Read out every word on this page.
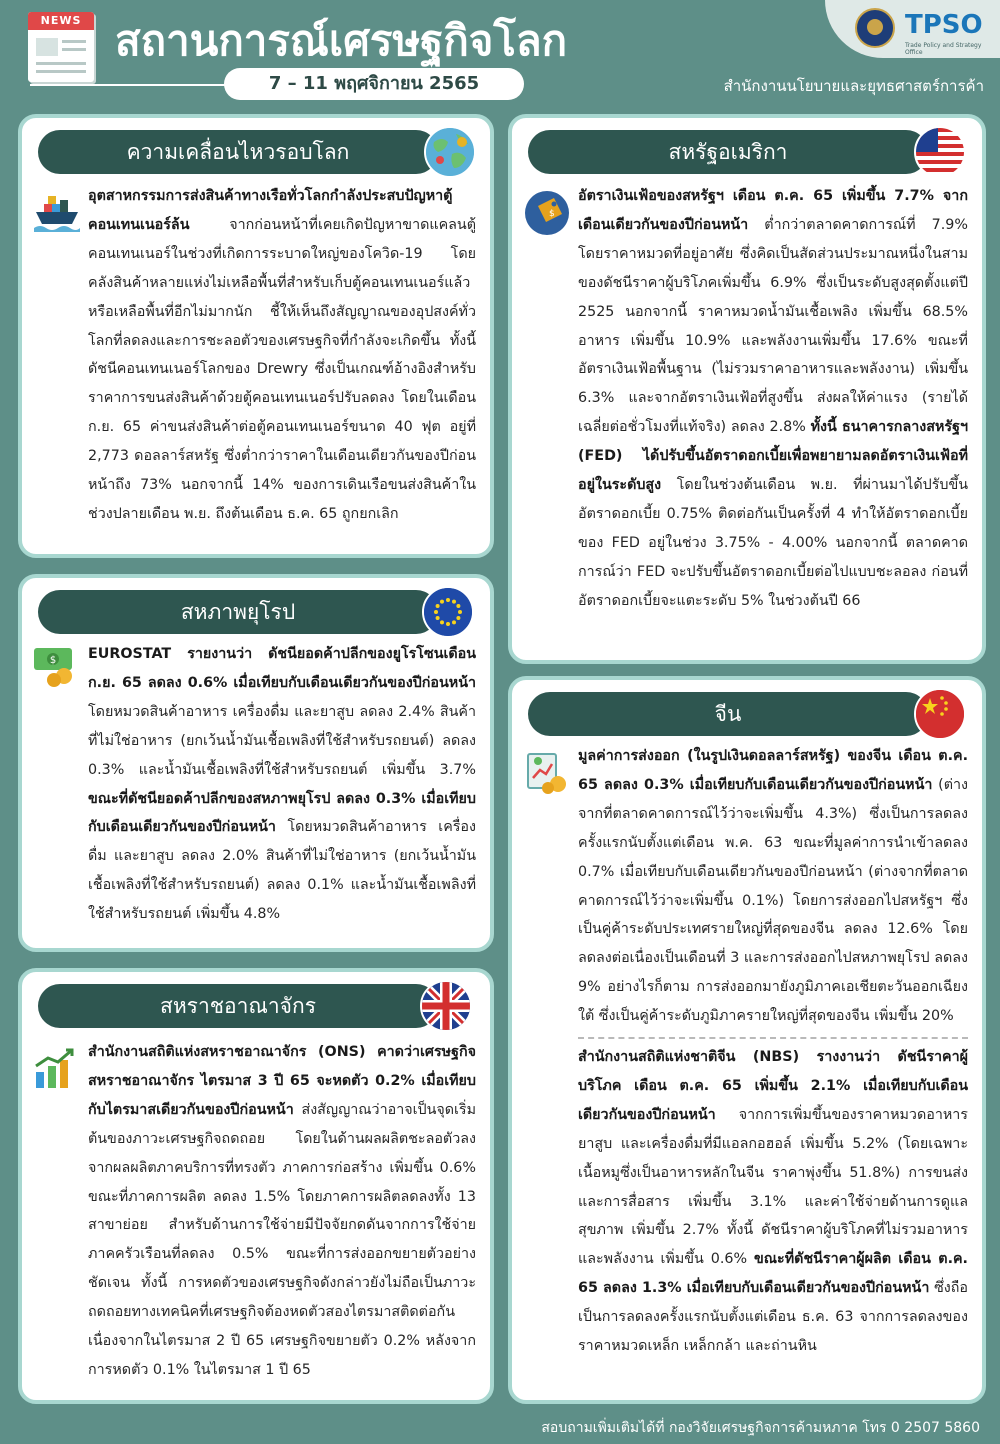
NEWS สถานการณ์เศรษฐกิจโลก
7 – 11 พฤศจิกายน 2565	สำนักงานนโยบายและยุทธศาสตร์การค้า
TPSO
Trade Policy and Strategy Office
ความเคลื่อนไหวรอบโลก

อุตสาหกรรมการส่งสินค้าทางเรือทั่วโลกกำลังประสบปัญหาตู้คอนเทนเนอร์ล้น จากก่อนหน้าที่เคยเกิดปัญหาขาดแคลนตู้คอนเทนเนอร์ในช่วงที่เกิดการระบาดใหญ่ของโควิด-19 โดยคลังสินค้าหลายแห่งไม่เหลือพื้นที่สำหรับเก็บตู้คอนเทนเนอร์แล้วหรือเหลือพื้นที่อีกไม่มากนัก ชี้ให้เห็นถึงสัญญาณของอุปสงค์ทั่วโลกที่ลดลงและการชะลอตัวของเศรษฐกิจที่กำลังจะเกิดขึ้น ทั้งนี้ ดัชนีคอนเทนเนอร์โลกของ Drewry ซึ่งเป็นเกณฑ์อ้างอิงสำหรับราคาการขนส่งสินค้าด้วยตู้คอนเทนเนอร์ปรับลดลง โดยในเดือน ก.ย. 65 ค่าขนส่งสินค้าต่อตู้คอนเทนเนอร์ขนาด 40 ฟุต อยู่ที่ 2,773 ดอลลาร์สหรัฐ ซึ่งต่ำกว่าราคาในเดือนเดียวกันของปีก่อนหน้าถึง 73% นอกจากนี้ 14% ของการเดินเรือขนส่งสินค้าในช่วงปลายเดือน พ.ย. ถึงต้นเดือน ธ.ค. 65 ถูกยกเลิก

สหภาพยุโรป
$ EUROSTAT รายงานว่า ดัชนียอดค้าปลีกของยูโรโซนเดือน ก.ย. 65 ลดลง 0.6% เมื่อเทียบกับเดือนเดียวกันของปีก่อนหน้า โดยหมวดสินค้าอาหาร เครื่องดื่ม และยาสูบ ลดลง 2.4% สินค้าที่ไม่ใช่อาหาร (ยกเว้นน้ำมันเชื้อเพลิงที่ใช้สำหรับรถยนต์) ลดลง 0.3% และน้ำมันเชื้อเพลิงที่ใช้สำหรับรถยนต์ เพิ่มขึ้น 3.7% ขณะที่ดัชนียอดค้าปลีกของสหภาพยุโรป ลดลง 0.3% เมื่อเทียบกับเดือนเดียวกันของปีก่อนหน้า โดยหมวดสินค้าอาหาร เครื่องดื่ม และยาสูบ ลดลง 2.0% สินค้าที่ไม่ใช่อาหาร (ยกเว้นน้ำมันเชื้อเพลิงที่ใช้สำหรับรถยนต์) ลดลง 0.1% และน้ำมันเชื้อเพลิงที่ใช้สำหรับรถยนต์ เพิ่มขึ้น 4.8%

สหราชอาณาจักร

สำนักงานสถิติแห่งสหราชอาณาจักร (ONS) คาดว่าเศรษฐกิจสหราชอาณาจักร ไตรมาส 3 ปี 65 จะหดตัว 0.2% เมื่อเทียบกับไตรมาสเดียวกันของปีก่อนหน้า ส่งสัญญาณว่าอาจเป็นจุดเริ่มต้นของภาวะเศรษฐกิจถดถอย โดยในด้านผลผลิตชะลอตัวลง จากผลผลิตภาคบริการที่ทรงตัว ภาคการก่อสร้าง เพิ่มขึ้น 0.6% ขณะที่ภาคการผลิต ลดลง 1.5% โดยภาคการผลิตลดลงทั้ง 13 สาขาย่อย สำหรับด้านการใช้จ่ายมีปัจจัยกดดันจากการใช้จ่ายภาคครัวเรือนที่ลดลง 0.5% ขณะที่การส่งออกขยายตัวอย่างชัดเจน ทั้งนี้ การหดตัวของเศรษฐกิจดังกล่าวยังไม่ถือเป็นภาวะถดถอยทางเทคนิคที่เศรษฐกิจต้องหดตัวสองไตรมาสติดต่อกัน เนื่องจากในไตรมาส 2 ปี 65 เศรษฐกิจขยายตัว 0.2% หลังจากการหดตัว 0.1% ในไตรมาส 1 ปี 65

สหรัฐอเมริกา
$

อัตราเงินเฟ้อของสหรัฐฯ เดือน ต.ค. 65 เพิ่มขึ้น 7.7% จากเดือนเดียวกันของปีก่อนหน้า ต่ำกว่าตลาดคาดการณ์ที่ 7.9% โดยราคาหมวดที่อยู่อาศัย ซึ่งคิดเป็นสัดส่วนประมาณหนึ่งในสามของดัชนีราคาผู้บริโภคเพิ่มขึ้น 6.9% ซึ่งเป็นระดับสูงสุดตั้งแต่ปี 2525 นอกจากนี้ ราคาหมวดน้ำมันเชื้อเพลิง เพิ่มขึ้น 68.5% อาหาร เพิ่มขึ้น 10.9% และพลังงานเพิ่มขึ้น 17.6% ขณะที่อัตราเงินเฟ้อพื้นฐาน (ไม่รวมราคาอาหารและพลังงาน) เพิ่มขึ้น 6.3% และจากอัตราเงินเฟ้อที่สูงขึ้น ส่งผลให้ค่าแรง (รายได้เฉลี่ยต่อชั่วโมงที่แท้จริง) ลดลง 2.8% ทั้งนี้ ธนาคารกลางสหรัฐฯ (FED) ได้ปรับขึ้นอัตราดอกเบี้ยเพื่อพยายามลดอัตราเงินเฟ้อที่อยู่ในระดับสูง โดยในช่วงต้นเดือน พ.ย. ที่ผ่านมาได้ปรับขึ้นอัตราดอกเบี้ย 0.75% ติดต่อกันเป็นครั้งที่ 4 ทำให้อัตราดอกเบี้ยของ FED อยู่ในช่วง 3.75% - 4.00% นอกจากนี้ ตลาดคาดการณ์ว่า FED จะปรับขึ้นอัตราดอกเบี้ยต่อไปแบบชะลอลง ก่อนที่อัตราดอกเบี้ยจะแตะระดับ 5% ในช่วงต้นปี 66

จีน

มูลค่าการส่งออก (ในรูปเงินดอลลาร์สหรัฐ) ของจีน เดือน ต.ค. 65 ลดลง 0.3% เมื่อเทียบกับเดือนเดียวกันของปีก่อนหน้า (ต่างจากที่ตลาดคาดการณ์ไว้ว่าจะเพิ่มขึ้น 4.3%) ซึ่งเป็นการลดลงครั้งแรกนับตั้งแต่เดือน พ.ค. 63 ขณะที่มูลค่าการนำเข้าลดลง 0.7% เมื่อเทียบกับเดือนเดียวกันของปีก่อนหน้า (ต่างจากที่ตลาดคาดการณ์ไว้ว่าจะเพิ่มขึ้น 0.1%) โดยการส่งออกไปสหรัฐฯ ซึ่งเป็นคู่ค้าระดับประเทศรายใหญ่ที่สุดของจีน ลดลง 12.6% โดยลดลงต่อเนื่องเป็นเดือนที่ 3 และการส่งออกไปสหภาพยุโรป ลดลง 9% อย่างไรก็ตาม การส่งออกมายังภูมิภาคเอเชียตะวันออกเฉียงใต้ ซึ่งเป็นคู่ค้าระดับภูมิภาครายใหญ่ที่สุดของจีน เพิ่มขึ้น 20%

สำนักงานสถิติแห่งชาติจีน (NBS) รางงานว่า ดัชนีราคาผู้บริโภค เดือน ต.ค. 65 เพิ่มขึ้น 2.1% เมื่อเทียบกับเดือนเดียวกันของปีก่อนหน้า จากการเพิ่มขึ้นของราคาหมวดอาหาร ยาสูบ และเครื่องดื่มที่มีแอลกอฮอล์ เพิ่มขึ้น 5.2% (โดยเฉพาะเนื้อหมูซึ่งเป็นอาหารหลักในจีน ราคาพุ่งขึ้น 51.8%) การขนส่งและการสื่อสาร เพิ่มขึ้น 3.1% และค่าใช้จ่ายด้านการดูแลสุขภาพ เพิ่มขึ้น 2.7% ทั้งนี้ ดัชนีราคาผู้บริโภคที่ไม่รวมอาหารและพลังงาน เพิ่มขึ้น 0.6% ขณะที่ดัชนีราคาผู้ผลิต เดือน ต.ค. 65 ลดลง 1.3% เมื่อเทียบกับเดือนเดียวกันของปีก่อนหน้า ซึ่งถือเป็นการลดลงครั้งแรกนับตั้งแต่เดือน ธ.ค. 63 จากการลดลงของราคาหมวดเหล็ก เหล็กกล้า และถ่านหิน

สอบถามเพิ่มเติมได้ที่ กองวิจัยเศรษฐกิจการค้ามหภาค โทร 0 2507 5860
